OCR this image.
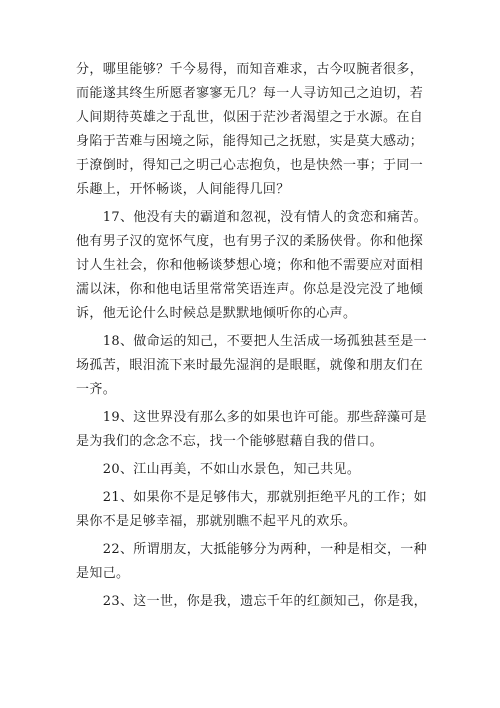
分，哪里能够？千今易得，而知音难求，古今叹腕者很多，
而能遂其终生所愿者寥寥无几？每一人寻访知己之迫切，若
人间期待英雄之于乱世，似困于茫沙者渴望之于水源。在自
身陷于苦难与困境之际，能得知己之抚慰，实是莫大感动；
于潦倒时，得知己之明己心志抱负，也是快然一事；于同一
乐趣上，开怀畅谈，人间能得几回？
　　17、他没有夫的霸道和忽视，没有情人的贪恋和痛苦。
他有男子汉的宽怀气度，也有男子汉的柔肠侠骨。你和他探
讨人生社会，你和他畅谈梦想心境；你和他不需要应对面相
濡以沫，你和他电话里常常笑语连声。你总是没完没了地倾
诉，他无论什么时候总是默默地倾听你的心声。
　　18、做命运的知己，不要把人生活成一场孤独甚至是一
场孤苦，眼泪流下来时最先湿润的是眼眶，就像和朋友们在
一齐。
　　19、这世界没有那么多的如果也许可能。那些辞藻可是
是为我们的念念不忘，找一个能够慰藉自我的借口。
　　20、江山再美，不如山水景色，知己共见。
　　21、如果你不是足够伟大，那就别拒绝平凡的工作；如
果你不是足够幸福，那就别瞧不起平凡的欢乐。
　　22、所谓朋友，大抵能够分为两种，一种是相交，一种
是知己。
　　23、这一世，你是我，遗忘千年的红颜知己，你是我，
